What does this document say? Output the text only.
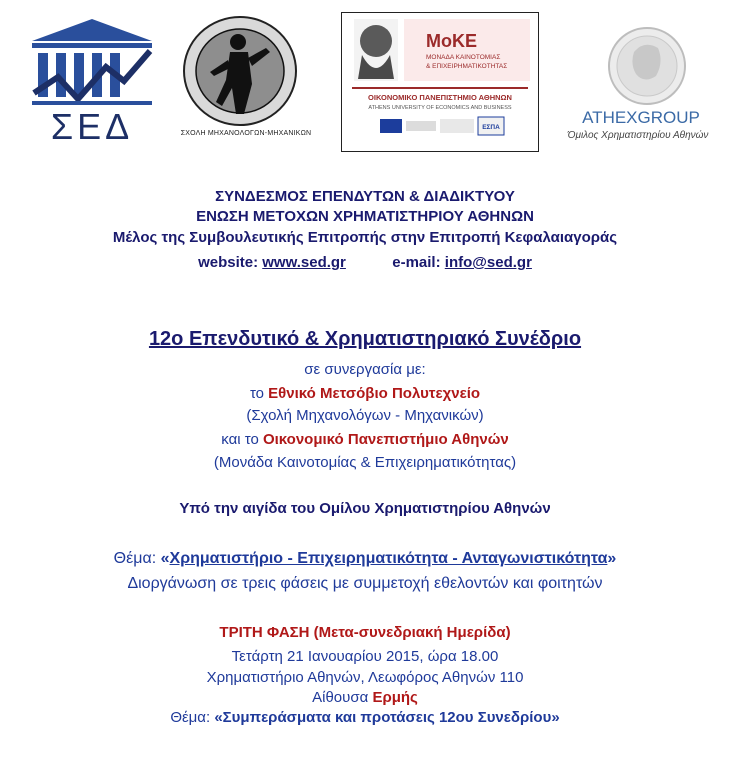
ΣΕΔ	ΣΧΟΛΗ ΜΗΧΑΝΟΛΟΓΩΝ-ΜΗΧΑΝΙΚΩΝ
MoKE
ΜΟΝΑΔΑ ΚΑΙΝΟΤΟΜΙΑΣ
& ΕΠΙΧΕΙΡΗΜΑΤΙΚΟΤΗΤΑΣ
ΟΙΚΟΝΟΜΙΚΟ ΠΑΝΕΠΙΣΤΗΜΙΟ ΑΘΗΝΩΝ
ATHENS UNIVERSITY OF ECONOMICS AND BUSINESS
ΕΣΠΑ
ATHEXGROUP
Όμιλος Χρηματιστηρίου Αθηνών
ΣΥΝΔΕΣΜΟΣ ΕΠΕΝΔΥΤΩΝ & ΔΙΑΔΙΚΤΥΟΥ
ΕΝΩΣΗ ΜΕΤΟΧΩΝ ΧΡΗΜΑΤΙΣΤΗΡΙΟΥ ΑΘΗΝΩΝ
Μέλος της Συμβουλευτικής Επιτροπής στην Επιτροπή Κεφαλαιαγοράς
website: www.sed.gr	e-mail: info@sed.gr
12ο Επενδυτικό & Χρηματιστηριακό Συνέδριο
σε συνεργασία με:
το Εθνικό Μετσόβιο Πολυτεχνείο
(Σχολή Μηχανολόγων - Μηχανικών)
και το Οικονομικό Πανεπιστήμιο Αθηνών
(Μονάδα Καινοτομίας & Επιχειρηματικότητας)
Υπό την αιγίδα του Ομίλου Χρηματιστηρίου Αθηνών
Θέμα: «Χρηματιστήριο - Επιχειρηματικότητα - Ανταγωνιστικότητα»
Διοργάνωση σε τρεις φάσεις με συμμετοχή εθελοντών και φοιτητών
ΤΡΙΤΗ ΦΑΣΗ (Μετα-συνεδριακή Ημερίδα)
Τετάρτη 21 Ιανουαρίου 2015, ώρα 18.00
Χρηματιστήριο Αθηνών, Λεωφόρος Αθηνών 110
Αίθουσα Ερμής
Θέμα: «Συμπεράσματα και προτάσεις 12ου Συνεδρίου»
